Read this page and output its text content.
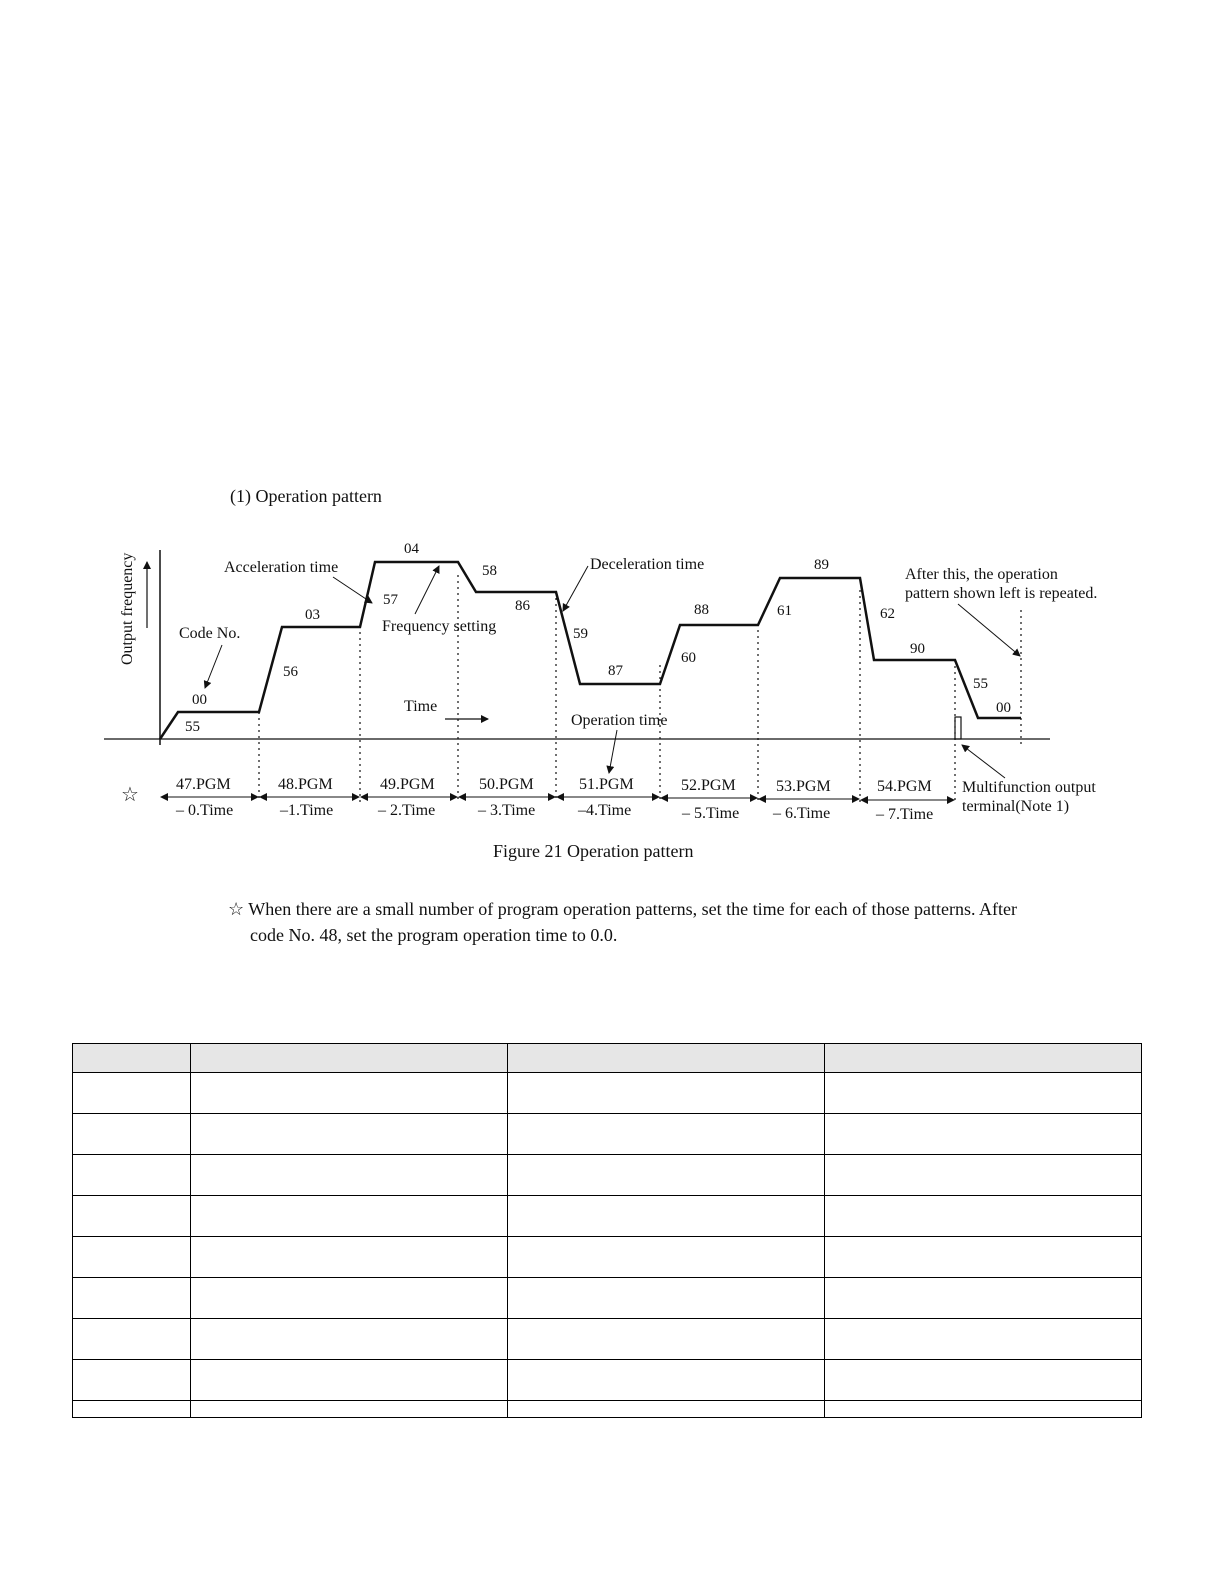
(1) Operation pattern
Output frequency
00
55
56
03
57
04
58
86
59
87
60
88	61
89
62
90
55
00
Acceleration time	Deceleration time
Frequency setting
Code No.
Time
Operation time
After this, the operation
pattern shown left is repeated.
Multifunction output
terminal(Note 1)
☆ 47.PGM
– 0.Time
48.PGM
–1.Time
49.PGM
– 2.Time
50.PGM
– 3.Time
51.PGM
–4.Time
52.PGM
– 5.Time
53.PGM
– 6.Time
54.PGM
– 7.Time
Figure 21 Operation pattern

☆ When there are a small number of program operation patterns, set the time for each of those patterns. After
code No. 48, set the program operation time to 0.0.
